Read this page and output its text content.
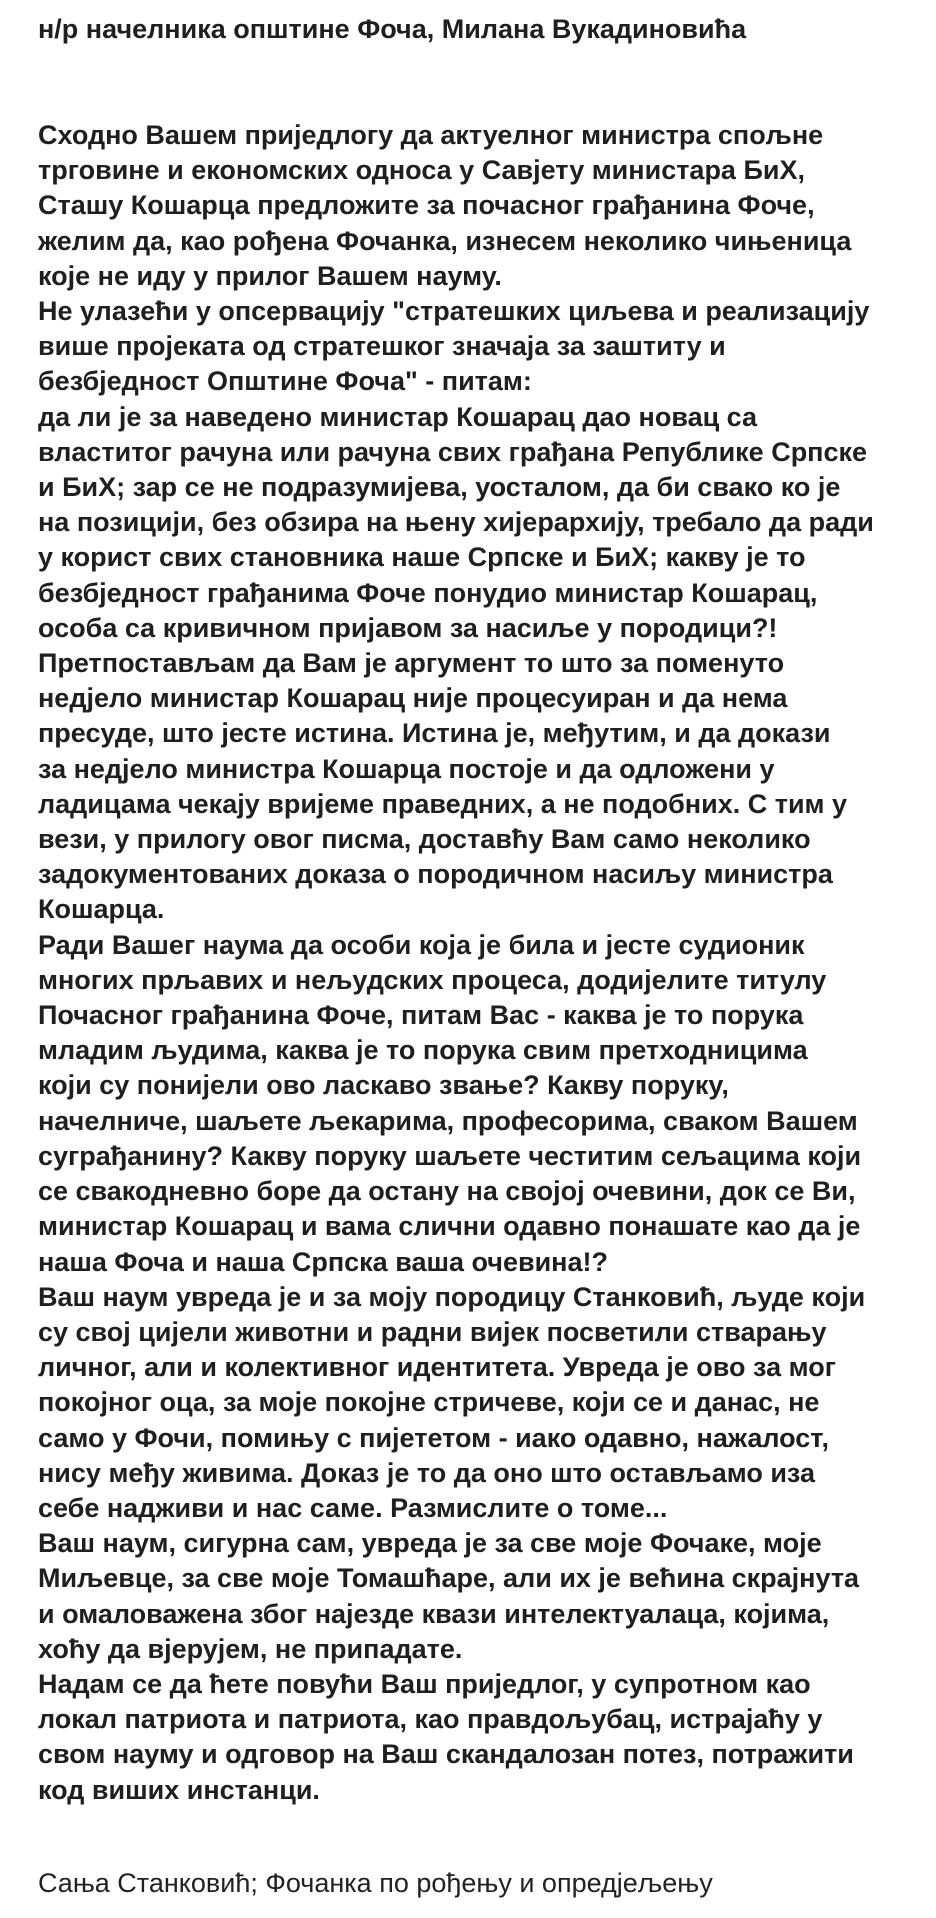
н/р начелника општине Фоча, Милана Вукадиновића

Сходно Вашем приједлогу да актуелног министра спољне
трговине и економских односа у Савјету министара БиХ,
Сташу Кошарца предложите за почасног грађанина Фоче,
желим да, као рођена Фочанка, изнесем неколико чињеница
које не иду у прилог Вашем науму.
Не улазећи у опсервацију "стратешких циљева и реализацију
више пројеката од стратешког значаја за заштиту и
безбједност Општине Фоча" - питам:
да ли је за наведено министар Кошарац дао новац са
властитог рачуна или рачуна свих грађана Републике Српске
и БиХ; зар се не подразумијева, уосталом, да би свако ко је
на позицији, без обзира на њену хијерархију, требало да ради
у корист свих становника наше Српске и БиХ; какву је то
безбједност грађанима Фоче понудио министар Кошарац,
особа са кривичном пријавом за насиље у породици?!
Претпостављам да Вам је аргумент то што за поменуто
недјело министар Кошарац није процесуиран и да нема
пресуде, што јесте истина. Истина је, међутим, и да докази
за недјело министра Кошарца постоје и да одложени у
ладицама чекају вријеме праведних, а не подобних. С тим у
вези, у прилогу овог писма, доставћу Вам само неколико
задокументованих доказа о породичном насиљу министра
Кошарца.
Ради Вашег наума да особи која је била и јесте судионик
многих прљавих и нељудских процеса, додијелите титулу
Почасног грађанина Фоче, питам Вас - каква је то порука
младим људима, каква је то порука свим претходницима
који су понијели ово ласкаво звање? Какву поруку,
начелниче, шаљете љекарима, професорима, сваком Вашем
суграђанину? Какву поруку шаљете честитим сељацима који
се свакодневно боре да остану на својој очевини, док се Ви,
министар Кошарац и вама слични одавно понашате као да је
наша Фоча и наша Српска ваша очевина!?
Ваш наум увреда је и за моју породицу Станковић, људе који
су свој цијели животни и радни вијек посветили стварању
личног, али и колективног идентитета. Увреда је ово за мог
покојног оца, за моје покојне стричеве, који се и данас, не
само у Фочи, помињу с пијететом - иако одавно, нажалост,
нису међу живима. Доказ је то да оно што остављамо иза
себе надживи и нас саме. Размислите о томе...
Ваш наум, сигурна сам, увреда је за све моје Фочаке, моје
Миљевце, за све моје Томашћаре, али их је већина скрајнута
и омаловажена због најезде квази интелектуалаца, којима,
хоћу да вјерујем, не припадате.
Надам се да ћете повући Ваш приједлог, у супротном као
локал патриота и патриота, као правдољубац, истрајаћу у
свом науму и одговор на Ваш скандалозан потез, потражити
код виших инстанци.

Сања Станковић; Фочанка по рођењу и опредјељењу
